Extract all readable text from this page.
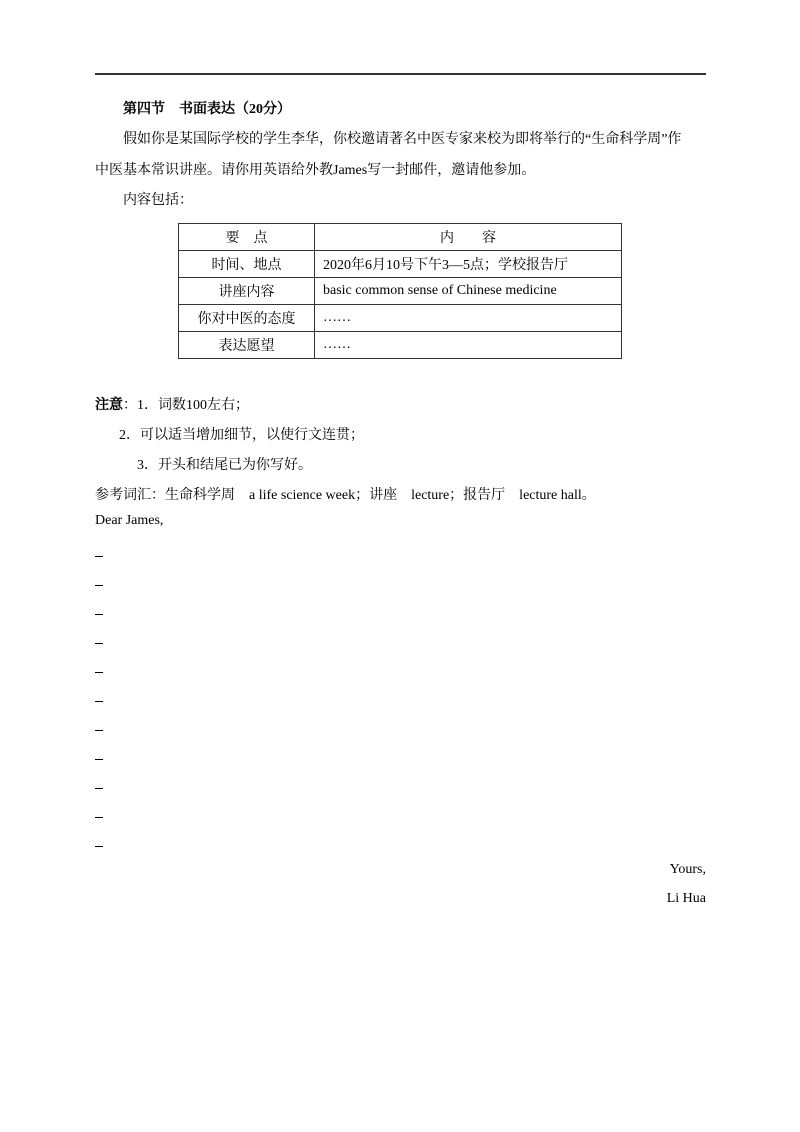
第四节 书面表达（20分）
假如你是某国际学校的学生李华，你校邀请著名中医专家来校为即将举行的“生命科学周”作
中医基本常识讲座。请你用英语给外教James写一封邮件，邀请他参加。
内容包括：
要　点	内　　容
时间、地点	2020年6月10号下午3—5点；学校报告厅
讲座内容	basic common sense of Chinese medicine
你对中医的态度	……
表达愿望	……
注意：1．词数100左右；
2．可以适当增加细节，以使行文连贯；
3．开头和结尾已为你写好。
参考词汇：生命科学周　a life science week；讲座　lecture；报告厅　lecture hall。
Dear James,
Yours,
Li Hua
